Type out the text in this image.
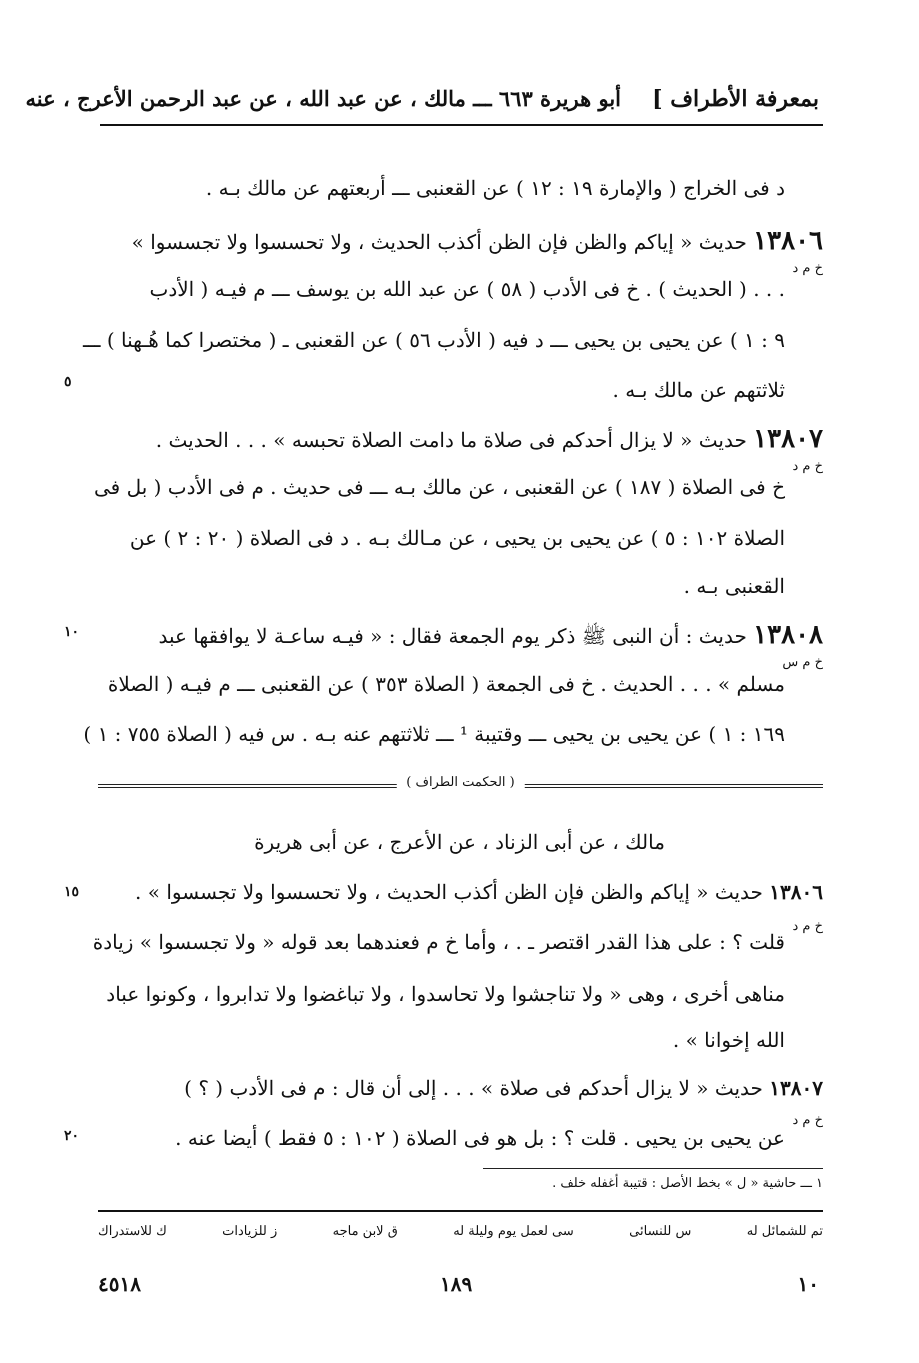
بمعرفة الأطراف ]
أبو هريرة ٦٦٣ ـــ مالك ، عن عبد الله ، عن عبد الرحمن الأعرج ، عنه
د فى الخراج ( والإمارة ١٩ : ١٢ ) عن القعنبى ـــ أربعتهم عن مالك بـه .
١٣٨٠٦ حديث « إياكم والظن فإن الظن أكذب الحديث ، ولا تحسسوا ولا تجسسوا »
خ م د
. . . ( الحديث ) . خ فى الأدب ( ٥٨ ) عن عبد الله بن يوسف ـــ م فيـه ( الأدب
٩ : ١ ) عن يحيى بن يحيى ـــ د فيه ( الأدب ٥٦ ) عن القعنبى ـ ( مختصرا كما هُـهنا ) ـــ
ثلاثتهم عن مالك بـه .
٥
١٣٨٠٧ حديث « لا يزال أحدكم فى صلاة ما دامت الصلاة تحبسه » . . . الحديث .
خ م د
خ فى الصلاة ( ١٨٧ ) عن القعنبى ، عن مالك بـه ـــ فى حديث . م فى الأدب ( بل فى
الصلاة ١٠٢ : ٥ ) عن يحيى بن يحيى ، عن مـالك بـه . د فى الصلاة ( ٢٠ : ٢ ) عن
القعنبى بـه .
١٣٨٠٨ حديث : أن النبى ﷺ ذكر يوم الجمعة فقال : « فيـه ساعـة لا يوافقها عبد
١٠
خ م س
مسلم » . . . الحديث . خ فى الجمعة ( الصلاة ٣٥٣ ) عن القعنبى ـــ م فيـه ( الصلاة
١٦٩ : ١ ) عن يحيى بن يحيى ـــ وقتيبة ¹ ـــ ثلاثتهم عنه بـه . س فيه ( الصلاة ٧٥٥ : ١ )
( الحكمت الطراف )
مالك ، عن أبى الزناد ، عن الأعرج ، عن أبى هريرة
١٣٨٠٦ حديث « إياكم والظن فإن الظن أكذب الحديث ، ولا تحسسوا ولا تجسسوا » .
١٥
خ م د
قلت ؟ : على هذا القدر اقتصر ـ . ، وأما خ م فعندهما بعد قوله « ولا تجسسوا » زيادة
مناهى أخرى ، وهى « ولا تناجشوا ولا تحاسدوا ، ولا تباغضوا ولا تدابروا ، وكونوا عباد
الله إخوانا » .
١٣٨٠٧ حديث « لا يزال أحدكم فى صلاة » . . . إلى أن قال : م فى الأدب ( ؟ )
خ م د
عن يحيى بن يحيى . قلت ؟ : بل هو فى الصلاة ( ١٠٢ : ٥ فقط ) أيضا عنه .
٢٠
١ ـــ حاشية « ل » بخط الأصل : قتيبة أغفله خلف .
تم للشمائل له
س للنسائى
سى لعمل يوم وليلة له
ق لابن ماجه
ز للزيادات
ك للاستدراك
١٠
١٨٩
٤٥١٨
